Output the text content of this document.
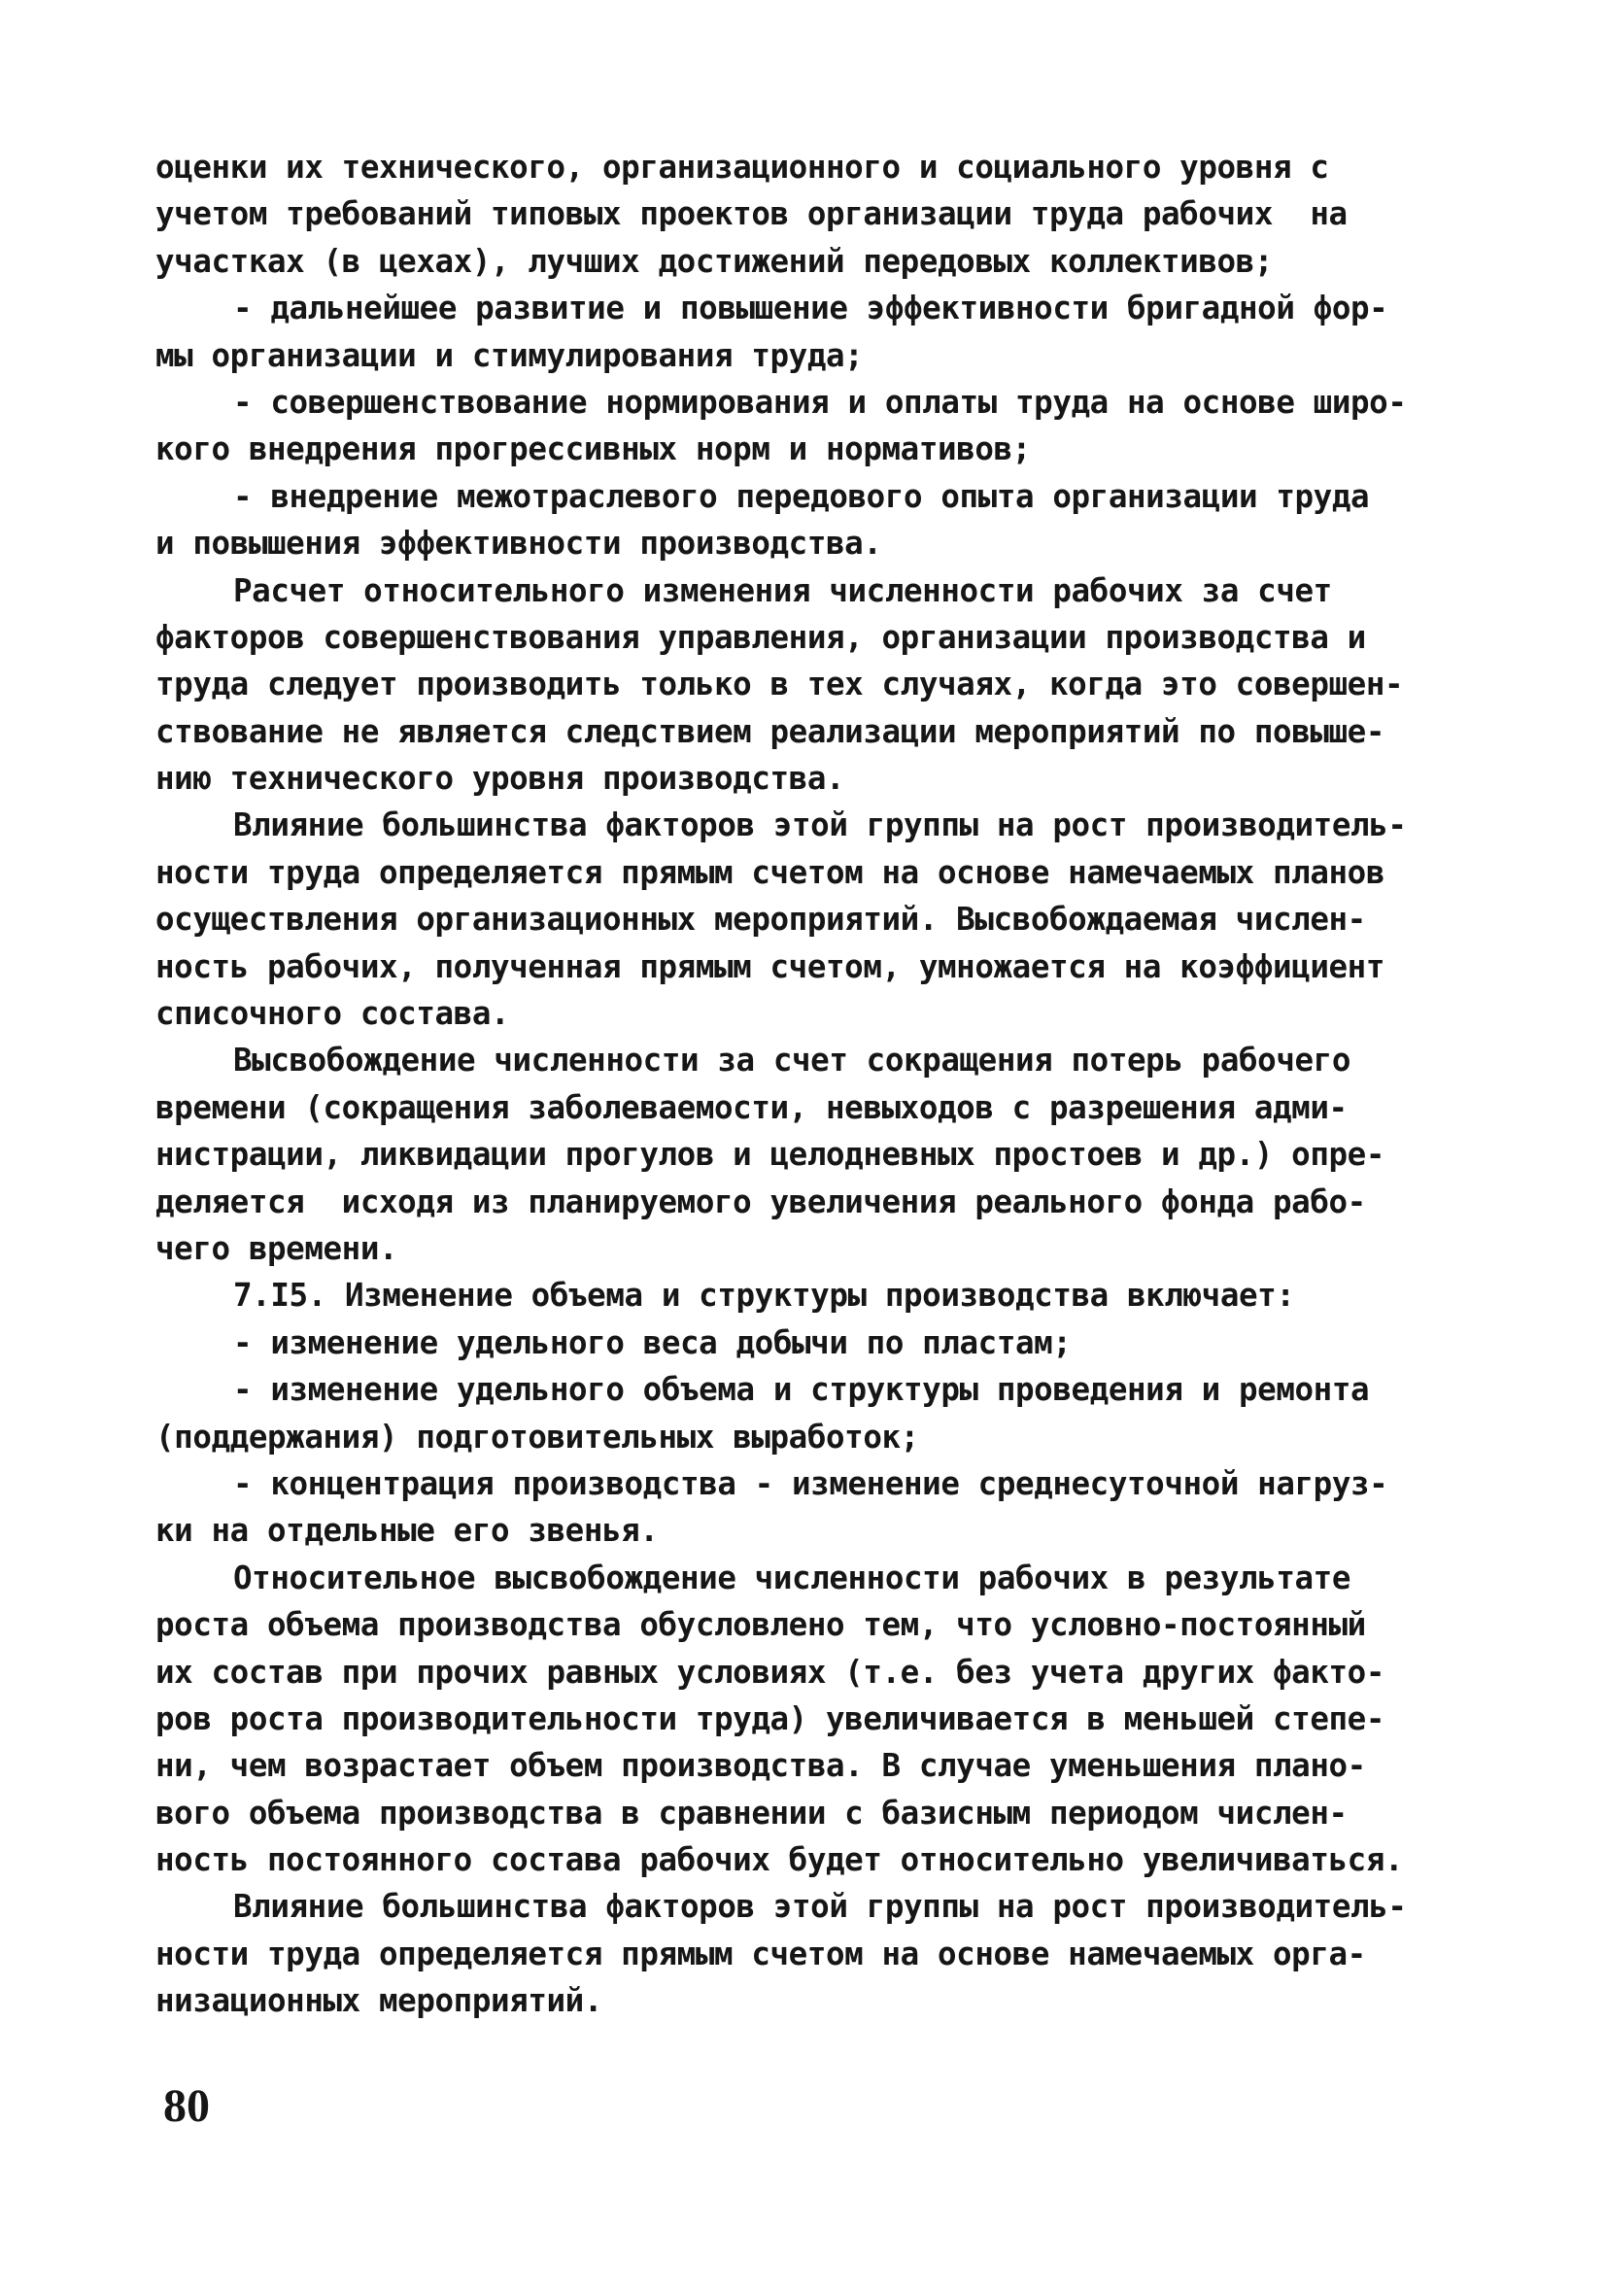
оценки их технического, организационного и социального уровня с
учетом требований типовых проектов организации труда рабочих  на
участках (в цехах), лучших достижений передовых коллективов;
- дальнейшее развитие и повышение эффективности бригадной фор-
мы организации и стимулирования труда;
- совершенствование нормирования и оплаты труда на основе широ-
кого внедрения прогрессивных норм и нормативов;
- внедрение межотраслевого передового опыта организации труда
и повышения эффективности производства.
Расчет относительного изменения численности рабочих за счет
факторов совершенствования управления, организации производства и
труда следует производить только в тех случаях, когда это совершен-
ствование не является следствием реализации мероприятий по повыше-
нию технического уровня производства.
Влияние большинства факторов этой группы на рост производитель-
ности труда определяется прямым счетом на основе намечаемых планов
осуществления организационных мероприятий. Высвобождаемая числен-
ность рабочих, полученная прямым счетом, умножается на коэффициент
списочного состава.
Высвобождение численности за счет сокращения потерь рабочего
времени (сокращения заболеваемости, невыходов с разрешения адми-
нистрации, ликвидации прогулов и целодневных простоев и др.) опре-
деляется  исходя из планируемого увеличения реального фонда рабо-
чего времени.
7.I5. Изменение объема и структуры производства включает:
- изменение удельного веса добычи по пластам;
- изменение удельного объема и структуры проведения и ремонта
(поддержания) подготовительных выработок;
- концентрация производства - изменение среднесуточной нагруз-
ки на отдельные его звенья.
Относительное высвобождение численности рабочих в результате
роста объема производства обусловлено тем, что условно-постоянный
их состав при прочих равных условиях (т.е. без учета других факто-
ров роста производительности труда) увеличивается в меньшей степе-
ни, чем возрастает объем производства. В случае уменьшения плано-
вого объема производства в сравнении с базисным периодом числен-
ность постоянного состава рабочих будет относительно увеличиваться.
Влияние большинства факторов этой группы на рост производитель-
ности труда определяется прямым счетом на основе намечаемых орга-
низационных мероприятий.
80
